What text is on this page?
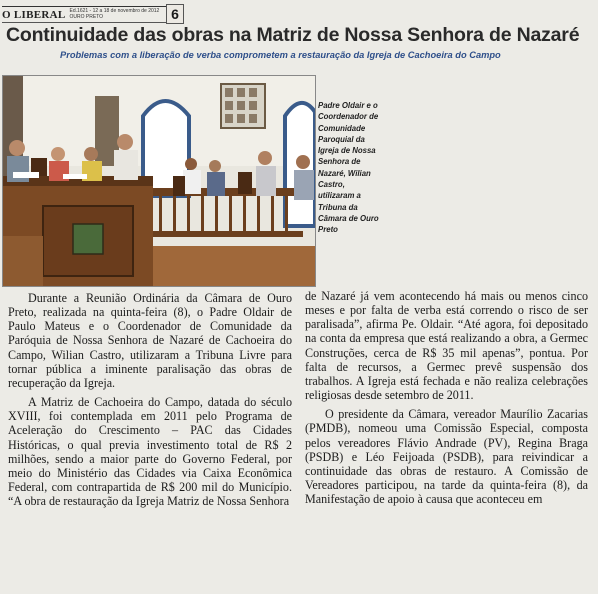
O LIBERAL Ed.1621 - 12 a 18 de novembro de 2012
OURO PRETO	6
Continuidade das obras na Matriz de Nossa Senhora de Nazaré
Problemas com a liberação de verba comprometem a restauração da Igreja de Cachoeira do Campo
Padre Oldair e o Coordenador de Comunidade Paroquial da Igreja de Nossa Senhora de Nazaré, Wilian Castro, utilizaram a Tribuna da Câmara de Ouro Preto

Durante a Reunião Ordinária da Câmara de Ouro Preto, realizada na quinta-feira (8), o Padre Oldair de Paulo Mateus e o Coordenador de Comunidade da Paróquia de Nossa Senhora de Nazaré de Cachoeira do Campo, Wilian Castro, utilizaram a Tribuna Livre para tornar pública a iminente paralisação das obras de recuperação da Igreja.

A Matriz de Cachoeira do Campo, datada do século XVIII, foi contemplada em 2011 pelo Programa de Aceleração do Crescimento – PAC das Cidades Históricas, o qual previa investimento total de R$ 2 milhões, sendo a maior parte do Governo Federal, por meio do Ministério das Cidades via Caixa Econômica Federal, com contrapartida de R$ 200 mil do Município. “A obra de restauração da Igreja Matriz de Nossa Senhora

de Nazaré já vem acontecendo há mais ou menos cinco meses e por falta de verba está correndo o risco de ser paralisada”, afirma Pe. Oldair. “Até agora, foi depositado na conta da empresa que está realizando a obra, a Germec Construções, cerca de R$ 35 mil apenas”, pontua. Por falta de recursos, a Germec prevê suspensão dos trabalhos. A Igreja está fechada e não realiza celebrações religiosas desde setembro de 2011.

O presidente da Câmara, vereador Maurílio Zacarias (PMDB), nomeou uma Comissão Especial, composta pelos vereadores Flávio Andrade (PV), Regina Braga (PSDB) e Léo Feijoada (PSDB), para reivindicar a continuidade das obras de restauro. A Comissão de Vereadores participou, na tarde da quinta-feira (8), da Manifestação de apoio à causa que aconteceu em
